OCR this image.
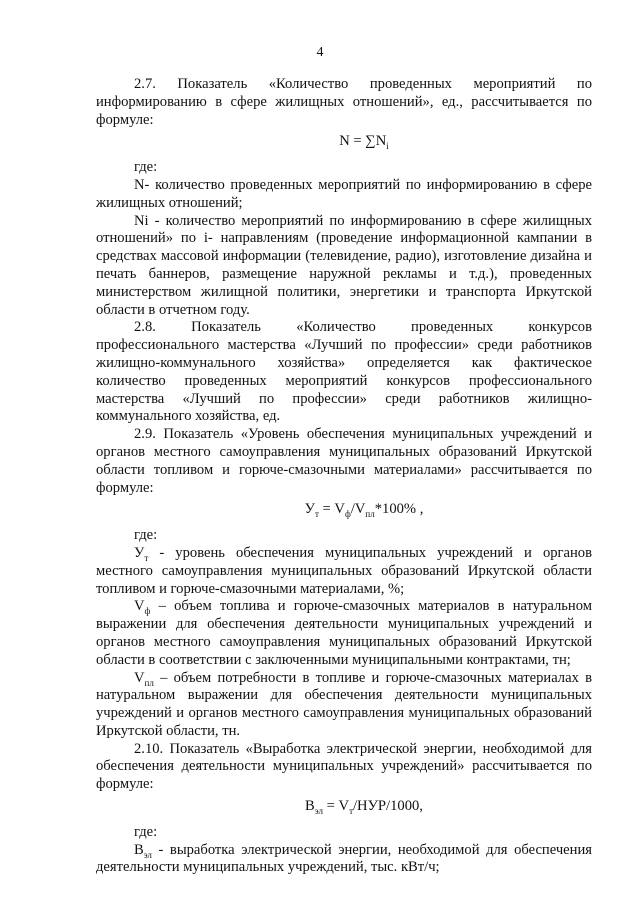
4

2.7. Показатель «Количество проведенных мероприятий по информированию в сфере жилищных отношений», ед., рассчитывается по формуле:

$N = \sum N_i$

где:

N- количество проведенных мероприятий по информированию в сфере жилищных отношений;

Ni - количество мероприятий по информированию в сфере жилищных отношений» по i- направлениям (проведение информационной кампании в средствах массовой информации (телевидение, радио), изготовление дизайна и печать баннеров, размещение наружной рекламы и т.д.), проведенных министерством жилищной политики, энергетики и транспорта Иркутской области в отчетном году.

2.8. Показатель «Количество проведенных конкурсов профессионального мастерства «Лучший по профессии» среди работников жилищно-коммунального хозяйства» определяется как фактическое количество проведенных мероприятий конкурсов профессионального мастерства «Лучший по профессии» среди работников жилищно-коммунального хозяйства, ед.

2.9. Показатель «Уровень обеспечения муниципальных учреждений и органов местного самоуправления муниципальных образований Иркутской области топливом и горюче-смазочными материалами» рассчитывается по формуле:

$У_т = V_ф/V_{пл}*100\%$ ,

где:

$У_т$ - уровень обеспечения муниципальных учреждений и органов местного самоуправления муниципальных образований Иркутской области топливом и горюче-смазочными материалами, %;

$V_ф$ – объем топлива и горюче-смазочных материалов в натуральном выражении для обеспечения деятельности муниципальных учреждений и органов местного самоуправления муниципальных образований Иркутской области в соответствии с заключенными муниципальными контрактами, тн;

$V_{пл}$ – объем потребности в топливе и горюче-смазочных материалах в натуральном выражении для обеспечения деятельности муниципальных учреждений и органов местного самоуправления муниципальных образований Иркутской области, тн.

2.10. Показатель «Выработка электрической энергии, необходимой для обеспечения деятельности муниципальных учреждений» рассчитывается по формуле:

$В_{эл} = V_т/НУР/1000$,

где:

$В_{эл}$ - выработка электрической энергии, необходимой для обеспечения деятельности муниципальных учреждений, тыс. кВт/ч;
